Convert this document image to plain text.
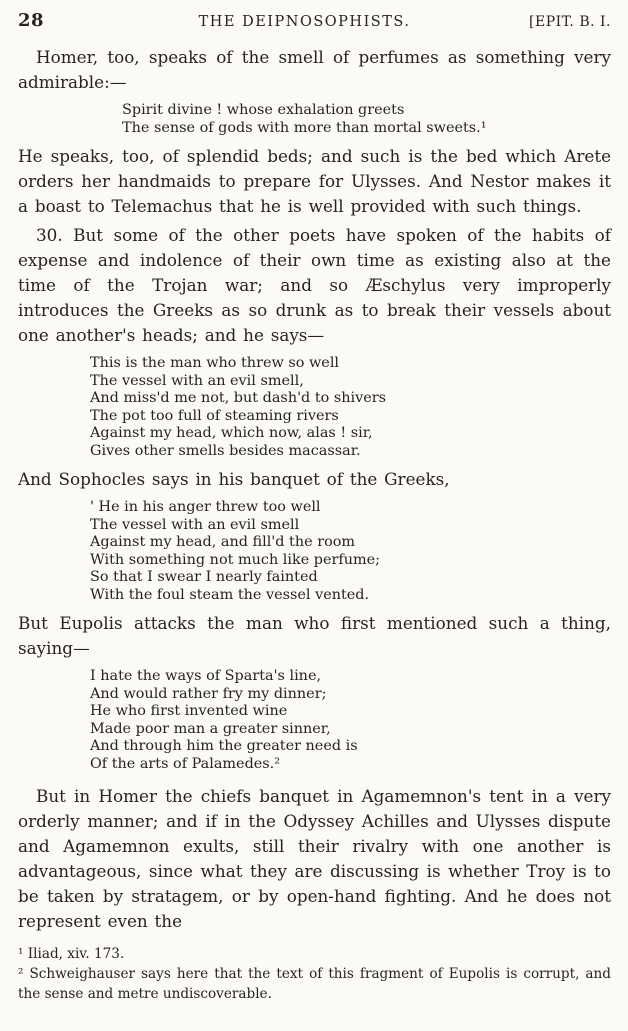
28	THE DEIPNOSOPHISTS.	[EPIT. B. I.

Homer, too, speaks of the smell of perfumes as something very admirable:—

Spirit divine ! whose exhalation greets
The sense of gods with more than mortal sweets.¹

He speaks, too, of splendid beds; and such is the bed which Arete orders her handmaids to prepare for Ulysses. And Nestor makes it a boast to Telemachus that he is well provided with such things.

30. But some of the other poets have spoken of the habits of expense and indolence of their own time as existing also at the time of the Trojan war; and so Æschylus very improperly introduces the Greeks as so drunk as to break their vessels about one another's heads; and he says—

This is the man who threw so well
The vessel with an evil smell,
And miss'd me not, but dash'd to shivers
The pot too full of steaming rivers
Against my head, which now, alas ! sir,
Gives other smells besides macassar.

And Sophocles says in his banquet of the Greeks,

' He in his anger threw too well
The vessel with an evil smell
Against my head, and fill'd the room
With something not much like perfume;
So that I swear I nearly fainted
With the foul steam the vessel vented.

But Eupolis attacks the man who first mentioned such a thing, saying—

I hate the ways of Sparta's line,
And would rather fry my dinner;
He who first invented wine
Made poor man a greater sinner,
And through him the greater need is
Of the arts of Palamedes.²

But in Homer the chiefs banquet in Agamemnon's tent in a very orderly manner; and if in the Odyssey Achilles and Ulysses dispute and Agamemnon exults, still their rivalry with one another is advantageous, since what they are discussing is whether Troy is to be taken by stratagem, or by open-hand fighting. And he does not represent even the

¹ Iliad, xiv. 173.

² Schweighauser says here that the text of this fragment of Eupolis is corrupt, and the sense and metre undiscoverable.
